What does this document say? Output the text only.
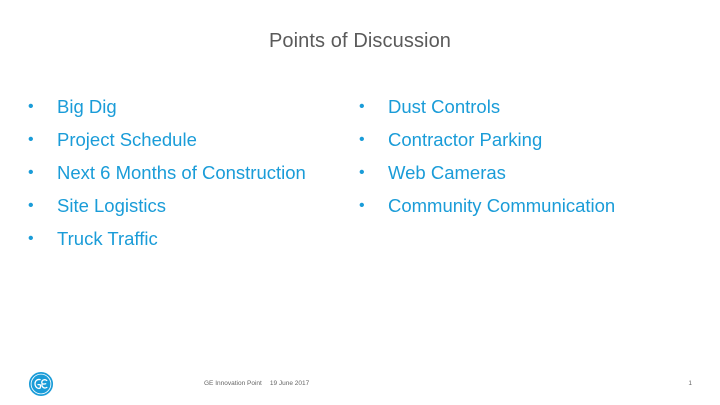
Points of Discussion
•	Big Dig
•	Project Schedule
•	Next 6 Months of Construction
•	Site Logistics
•	Truck Traffic
•	Dust Controls
•	Contractor Parking
•	Web Cameras
•	Community Communication
GE Innovation Point 19 June 2017	1
